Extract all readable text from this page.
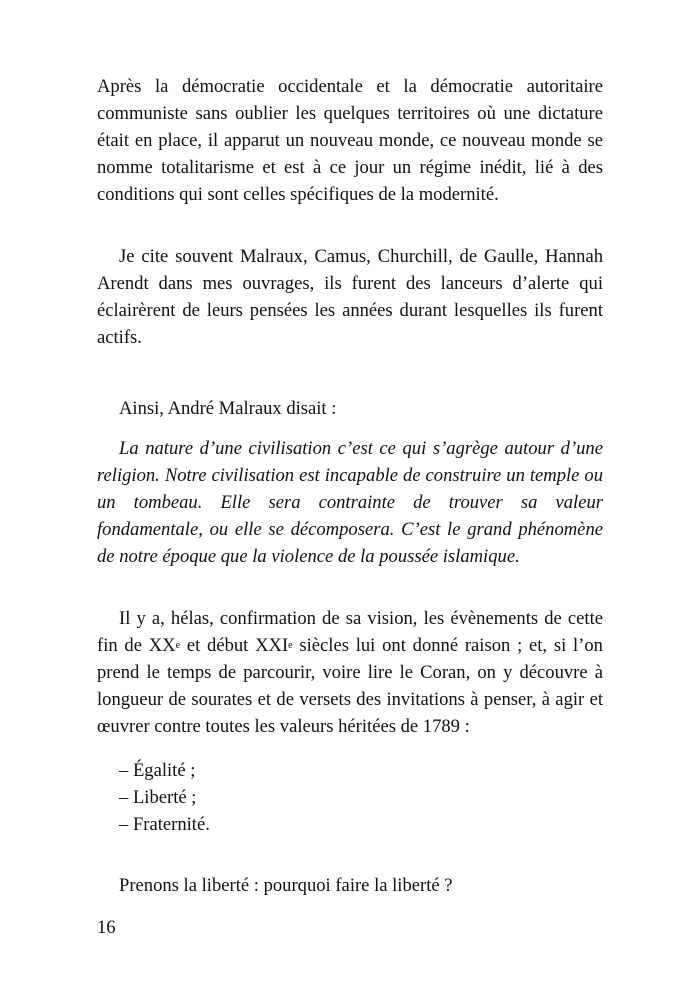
Après la démocratie occidentale et la démocratie autoritaire communiste sans oublier les quelques territoires où une dictature était en place, il apparut un nouveau monde, ce nouveau monde se nomme totalitarisme et est à ce jour un régime inédit, lié à des conditions qui sont celles spécifiques de la modernité.

Je cite souvent Malraux, Camus, Churchill, de Gaulle, Hannah Arendt dans mes ouvrages, ils furent des lanceurs d’alerte qui éclairèrent de leurs pensées les années durant lesquelles ils furent actifs.

Ainsi, André Malraux disait :

La nature d’une civilisation c’est ce qui s’agrège autour d’une religion. Notre civilisation est incapable de construire un temple ou un tombeau. Elle sera contrainte de trouver sa valeur fondamentale, ou elle se décomposera. C’est le grand phénomène de notre époque que la violence de la poussée islamique.

Il y a, hélas, confirmation de sa vision, les évènements de cette fin de XXe et début XXIe siècles lui ont donné raison ; et, si l’on prend le temps de parcourir, voire lire le Coran, on y découvre à longueur de sourates et de versets des invitations à penser, à agir et œuvrer contre toutes les valeurs héritées de 1789 :

– Égalité ;
– Liberté ;
– Fraternité.

Prenons la liberté : pourquoi faire la liberté ?

16
